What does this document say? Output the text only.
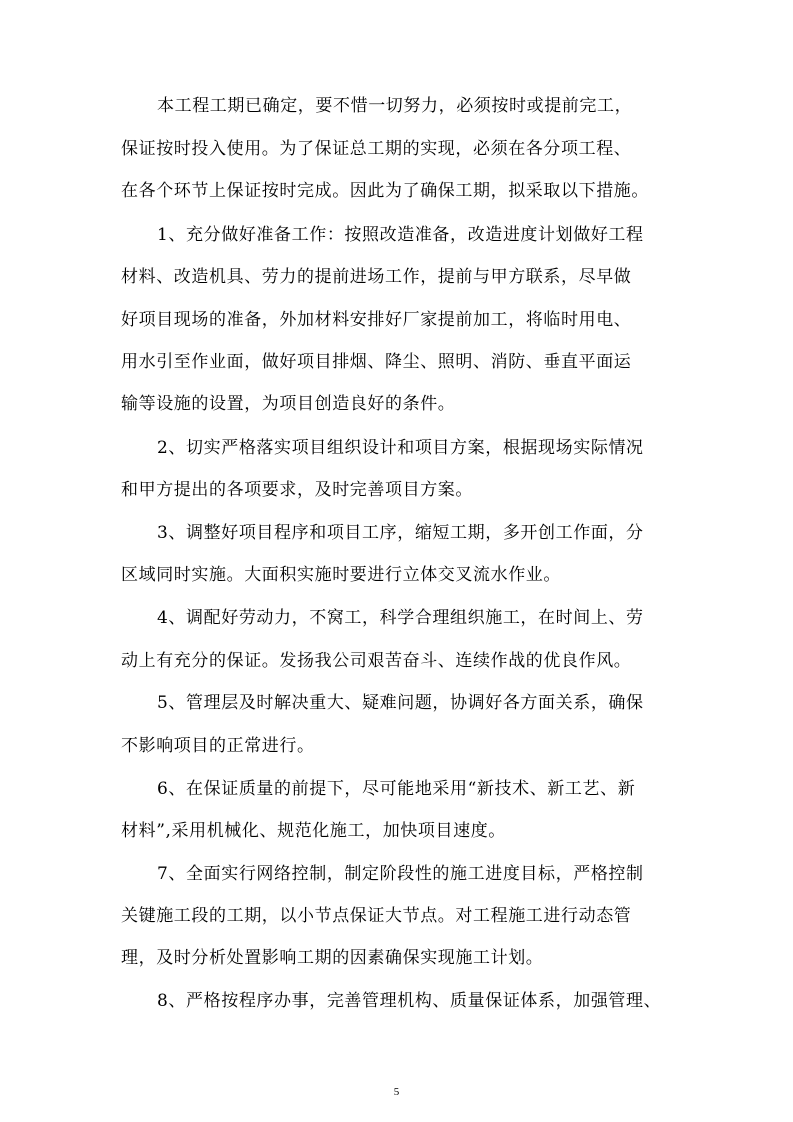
本工程工期已确定，要不惜一切努力，必须按时或提前完工，
保证按时投入使用。为了保证总工期的实现，必须在各分项工程、
在各个环节上保证按时完成。因此为了确保工期，拟采取以下措施。
1、充分做好准备工作：按照改造准备，改造进度计划做好工程
材料、改造机具、劳力的提前进场工作，提前与甲方联系，尽早做
好项目现场的准备，外加材料安排好厂家提前加工，将临时用电、
用水引至作业面，做好项目排烟、降尘、照明、消防、垂直平面运
输等设施的设置，为项目创造良好的条件。
2、切实严格落实项目组织设计和项目方案，根据现场实际情况
和甲方提出的各项要求，及时完善项目方案。
3、调整好项目程序和项目工序，缩短工期，多开创工作面，分
区域同时实施。大面积实施时要进行立体交叉流水作业。
4、调配好劳动力，不窝工，科学合理组织施工，在时间上、劳
动上有充分的保证。发扬我公司艰苦奋斗、连续作战的优良作风。
5、管理层及时解决重大、疑难问题，协调好各方面关系，确保
不影响项目的正常进行。
6、在保证质量的前提下，尽可能地采用“新技术、新工艺、新
材料”,采用机械化、规范化施工，加快项目速度。
7、全面实行网络控制，制定阶段性的施工进度目标，严格控制
关键施工段的工期，以小节点保证大节点。对工程施工进行动态管
理，及时分析处置影响工期的因素确保实现施工计划。
8、严格按程序办事，完善管理机构、质量保证体系，加强管理、
5
